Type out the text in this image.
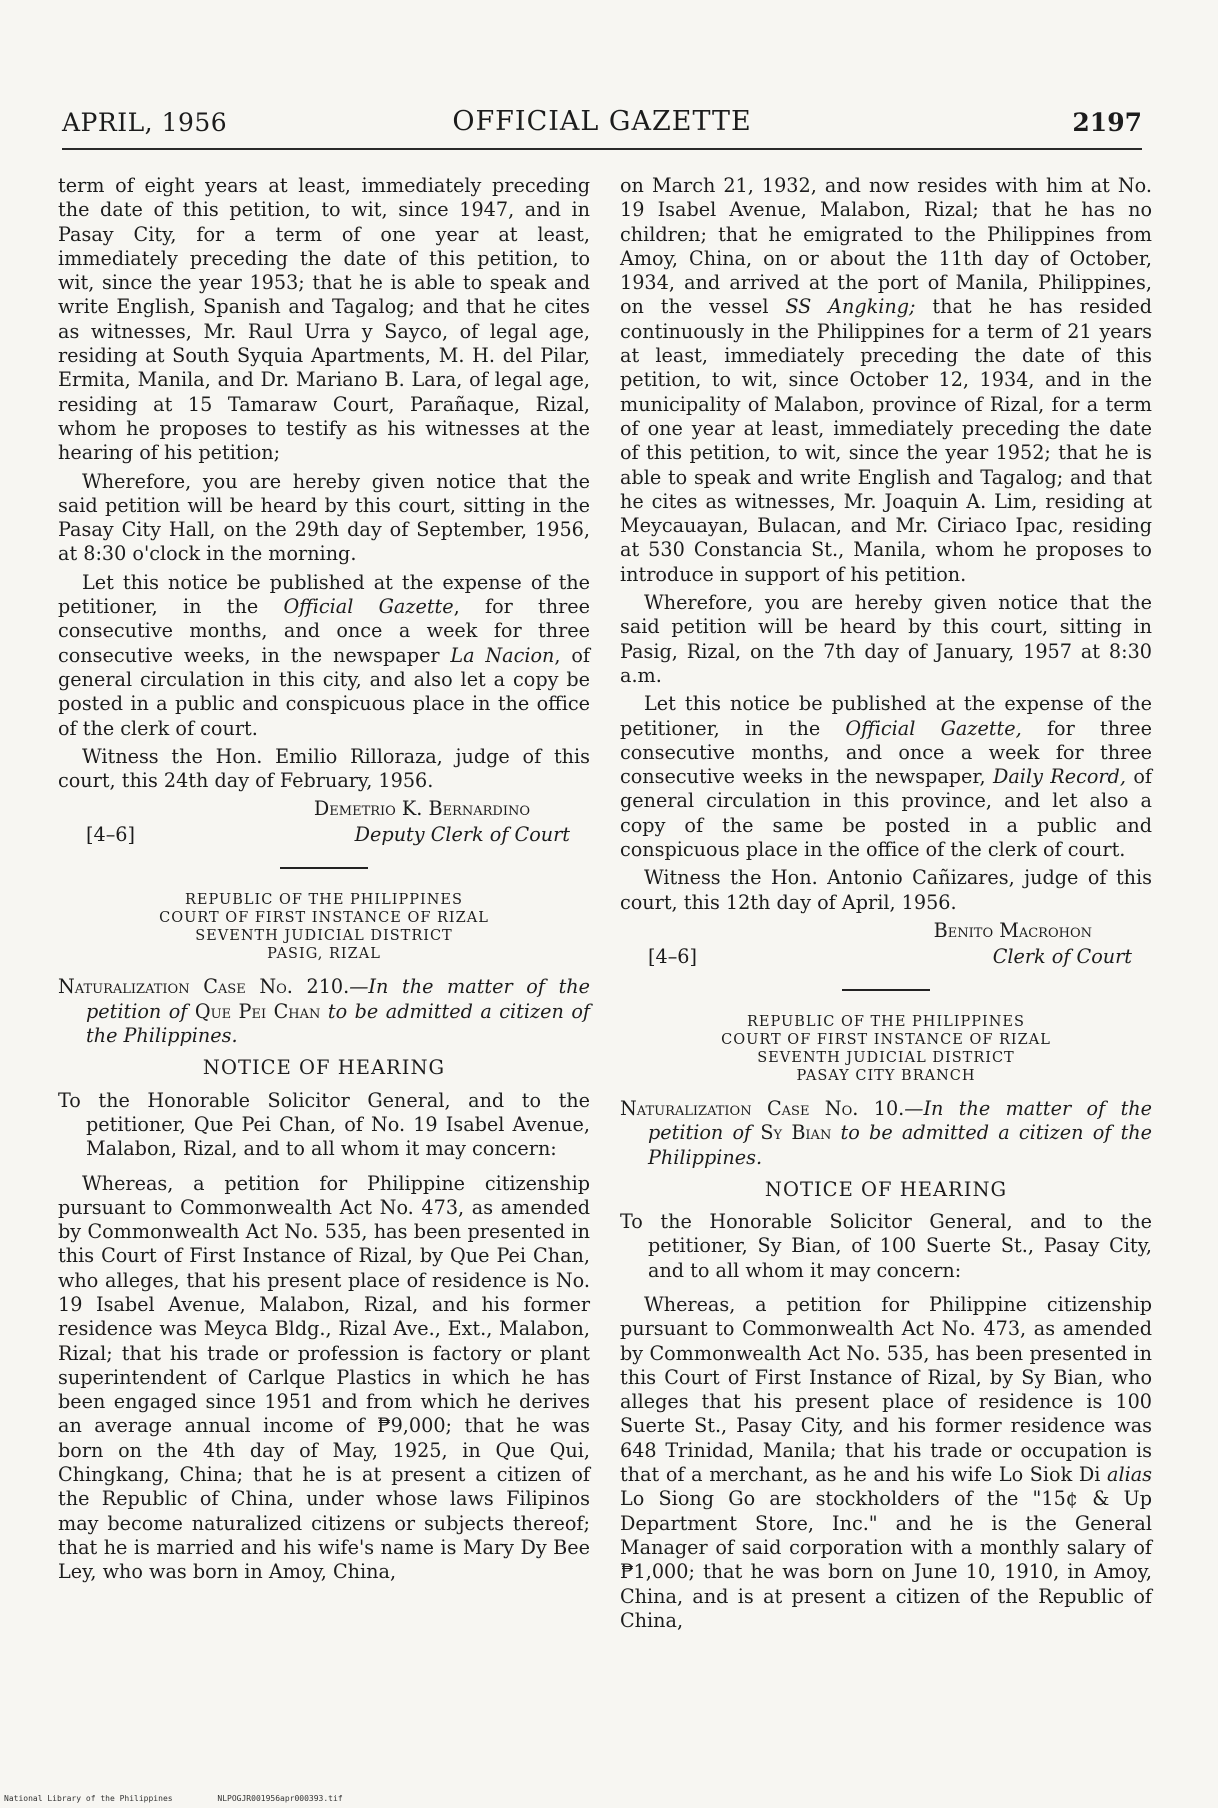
APRIL, 1956	OFFICIAL GAZETTE	2197

term of eight years at least, immediately preceding the date of this petition, to wit, since 1947, and in Pasay City, for a term of one year at least, immediately preceding the date of this petition, to wit, since the year 1953; that he is able to speak and write English, Spanish and Tagalog; and that he cites as witnesses, Mr. Raul Urra y Sayco, of legal age, residing at South Syquia Apartments, M. H. del Pilar, Ermita, Manila, and Dr. Mariano B. Lara, of legal age, residing at 15 Tamaraw Court, Parañaque, Rizal, whom he proposes to testify as his witnesses at the hearing of his petition;

Wherefore, you are hereby given notice that the said petition will be heard by this court, sitting in the Pasay City Hall, on the 29th day of September, 1956, at 8:30 o'clock in the morning.

Let this notice be published at the expense of the petitioner, in the Official Gazette, for three consecutive months, and once a week for three consecutive weeks, in the newspaper La Nacion, of general circulation in this city, and also let a copy be posted in a public and conspicuous place in the office of the clerk of court.

Witness the Hon. Emilio Rilloraza, judge of this court, this 24th day of February, 1956.

Demetrio K. Bernardino
[4–6]	Deputy Clerk of Court
REPUBLIC OF THE PHILIPPINES
COURT OF FIRST INSTANCE OF RIZAL
SEVENTH JUDICIAL DISTRICT
PASIG, RIZAL

Naturalization Case No. 210.—In the matter of the petition of Que Pei Chan to be admitted a citizen of the Philippines.

NOTICE OF HEARING

To the Honorable Solicitor General, and to the petitioner, Que Pei Chan, of No. 19 Isabel Avenue, Malabon, Rizal, and to all whom it may concern:

Whereas, a petition for Philippine citizenship pursuant to Commonwealth Act No. 473, as amended by Commonwealth Act No. 535, has been presented in this Court of First Instance of Rizal, by Que Pei Chan, who alleges, that his present place of residence is No. 19 Isabel Avenue, Malabon, Rizal, and his former residence was Meyca Bldg., Rizal Ave., Ext., Malabon, Rizal; that his trade or profession is factory or plant superintendent of Carlque Plastics in which he has been engaged since 1951 and from which he derives an average annual income of ₱9,000; that he was born on the 4th day of May, 1925, in Que Qui, Chingkang, China; that he is at present a citizen of the Republic of China, under whose laws Filipinos may become naturalized citizens or subjects thereof; that he is married and his wife's name is Mary Dy Bee Ley, who was born in Amoy, China,

on March 21, 1932, and now resides with him at No. 19 Isabel Avenue, Malabon, Rizal; that he has no children; that he emigrated to the Philippines from Amoy, China, on or about the 11th day of October, 1934, and arrived at the port of Manila, Philippines, on the vessel SS Angking; that he has resided continuously in the Philippines for a term of 21 years at least, immediately preceding the date of this petition, to wit, since October 12, 1934, and in the municipality of Malabon, province of Rizal, for a term of one year at least, immediately preceding the date of this petition, to wit, since the year 1952; that he is able to speak and write English and Tagalog; and that he cites as witnesses, Mr. Joaquin A. Lim, residing at Meycauayan, Bulacan, and Mr. Ciriaco Ipac, residing at 530 Constancia St., Manila, whom he proposes to introduce in support of his petition.

Wherefore, you are hereby given notice that the said petition will be heard by this court, sitting in Pasig, Rizal, on the 7th day of January, 1957 at 8:30 a.m.

Let this notice be published at the expense of the petitioner, in the Official Gazette, for three consecutive months, and once a week for three consecutive weeks in the newspaper, Daily Record, of general circulation in this province, and let also a copy of the same be posted in a public and conspicuous place in the office of the clerk of court.

Witness the Hon. Antonio Cañizares, judge of this court, this 12th day of April, 1956.

Benito Macrohon
[4–6]	Clerk of Court
REPUBLIC OF THE PHILIPPINES
COURT OF FIRST INSTANCE OF RIZAL
SEVENTH JUDICIAL DISTRICT
PASAY CITY BRANCH

Naturalization Case No. 10.—In the matter of the petition of Sy Bian to be admitted a citizen of the Philippines.

NOTICE OF HEARING

To the Honorable Solicitor General, and to the petitioner, Sy Bian, of 100 Suerte St., Pasay City, and to all whom it may concern:

Whereas, a petition for Philippine citizenship pursuant to Commonwealth Act No. 473, as amended by Commonwealth Act No. 535, has been presented in this Court of First Instance of Rizal, by Sy Bian, who alleges that his present place of residence is 100 Suerte St., Pasay City, and his former residence was 648 Trinidad, Manila; that his trade or occupation is that of a merchant, as he and his wife Lo Siok Di alias Lo Siong Go are stockholders of the "15¢ & Up Department Store, Inc." and he is the General Manager of said corporation with a monthly salary of ₱1,000; that he was born on June 10, 1910, in Amoy, China, and is at present a citizen of the Republic of China,

National Library of the Philippines	NLPOGJR001956apr000393.tif
